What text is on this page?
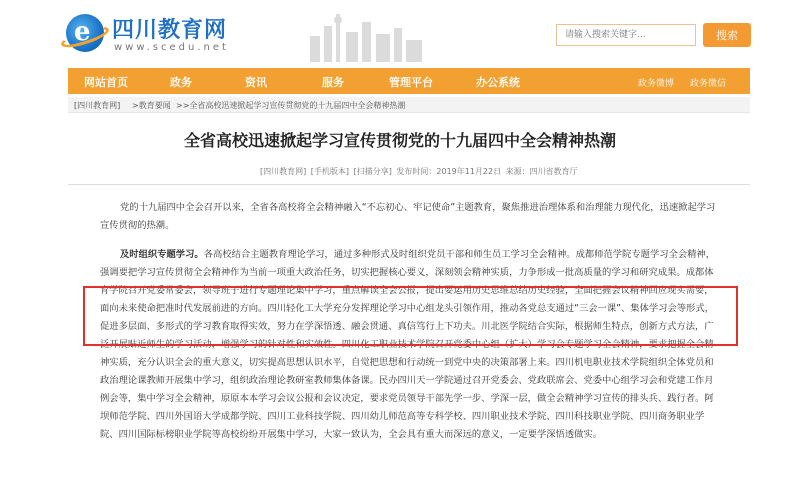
e 四川教育网
www.scedu.net
请输入搜索关键字...
搜索
网站首页	政务	资讯	服务	管理平台	办公系统	政务微博 政务微信
[四川教育网] >教育要闻 >>全省高校迅速掀起学习宣传贯彻党的十九届四中全会精神热潮
全省高校迅速掀起学习宣传贯彻党的十九届四中全会精神热潮
[四川教育网] [手机版本] [扫描分享] 发布时间：2019年11月22日 来源：四川省教育厅
党的十九届四中全会召开以来，全省各高校将全会精神融入“不忘初心、牢记使命”主题教育，聚焦推进治理体系和治理能力现代化，迅速掀起学习宣传贯彻的热潮。
及时组织专题学习。各高校结合主题教育理论学习，通过多种形式及时组织党员干部和师生员工学习全会精神。成都师范学院专题学习全会精神，强调要把学习宣传贯彻全会精神作为当前一项重大政治任务，切实把握核心要义，深刻领会精神实质，力争形成一批高质量的学习和研究成果。成都体育学院召开党委常委会，领导班子进行专题理论集中学习，重点解读全会公报，提出要运用历史思维总结历史经验，全面把握会议精神回应现实需要，面向未来使命把准时代发展前进的方向。四川轻化工大学充分发挥理论学习中心组龙头引领作用，推动各党总支通过“三会一课”、集体学习会等形式，促进多层面、多形式的学习教育取得实效，努力在学深悟透、融会贯通、真信笃行上下功夫。川北医学院结合实际，根据师生特点，创新方式方法，广泛开展贴近师生的学习活动，增强学习的针对性和实效性。四川化工职业技术学院召开党委中心组（扩大）学习会专题学习全会精神，要求把握全会精神实质，充分认识全会的重大意义，切实提高思想认识水平，自觉把思想和行动统一到党中央的决策部署上来。四川机电职业技术学院组织全体党员和政治理论课教师开展集中学习，组织政治理论教研室教师集体备课。民办四川天一学院通过召开党委会、党政联席会、党委中心组学习会和党建工作月例会等，集中学习全会精神，原原本本学习会议公报和会议决定，要求党员领导干部先学一步、学深一层，做全会精神学习宣传的排头兵、践行者。阿坝师范学院、四川外国语大学成都学院、四川工业科技学院、四川幼儿师范高等专科学校、四川职业技术学院、四川科技职业学院、四川商务职业学院、四川国际标榜职业学院等高校纷纷开展集中学习，大家一致认为，全会具有重大而深远的意义，一定要学深悟透做实。
